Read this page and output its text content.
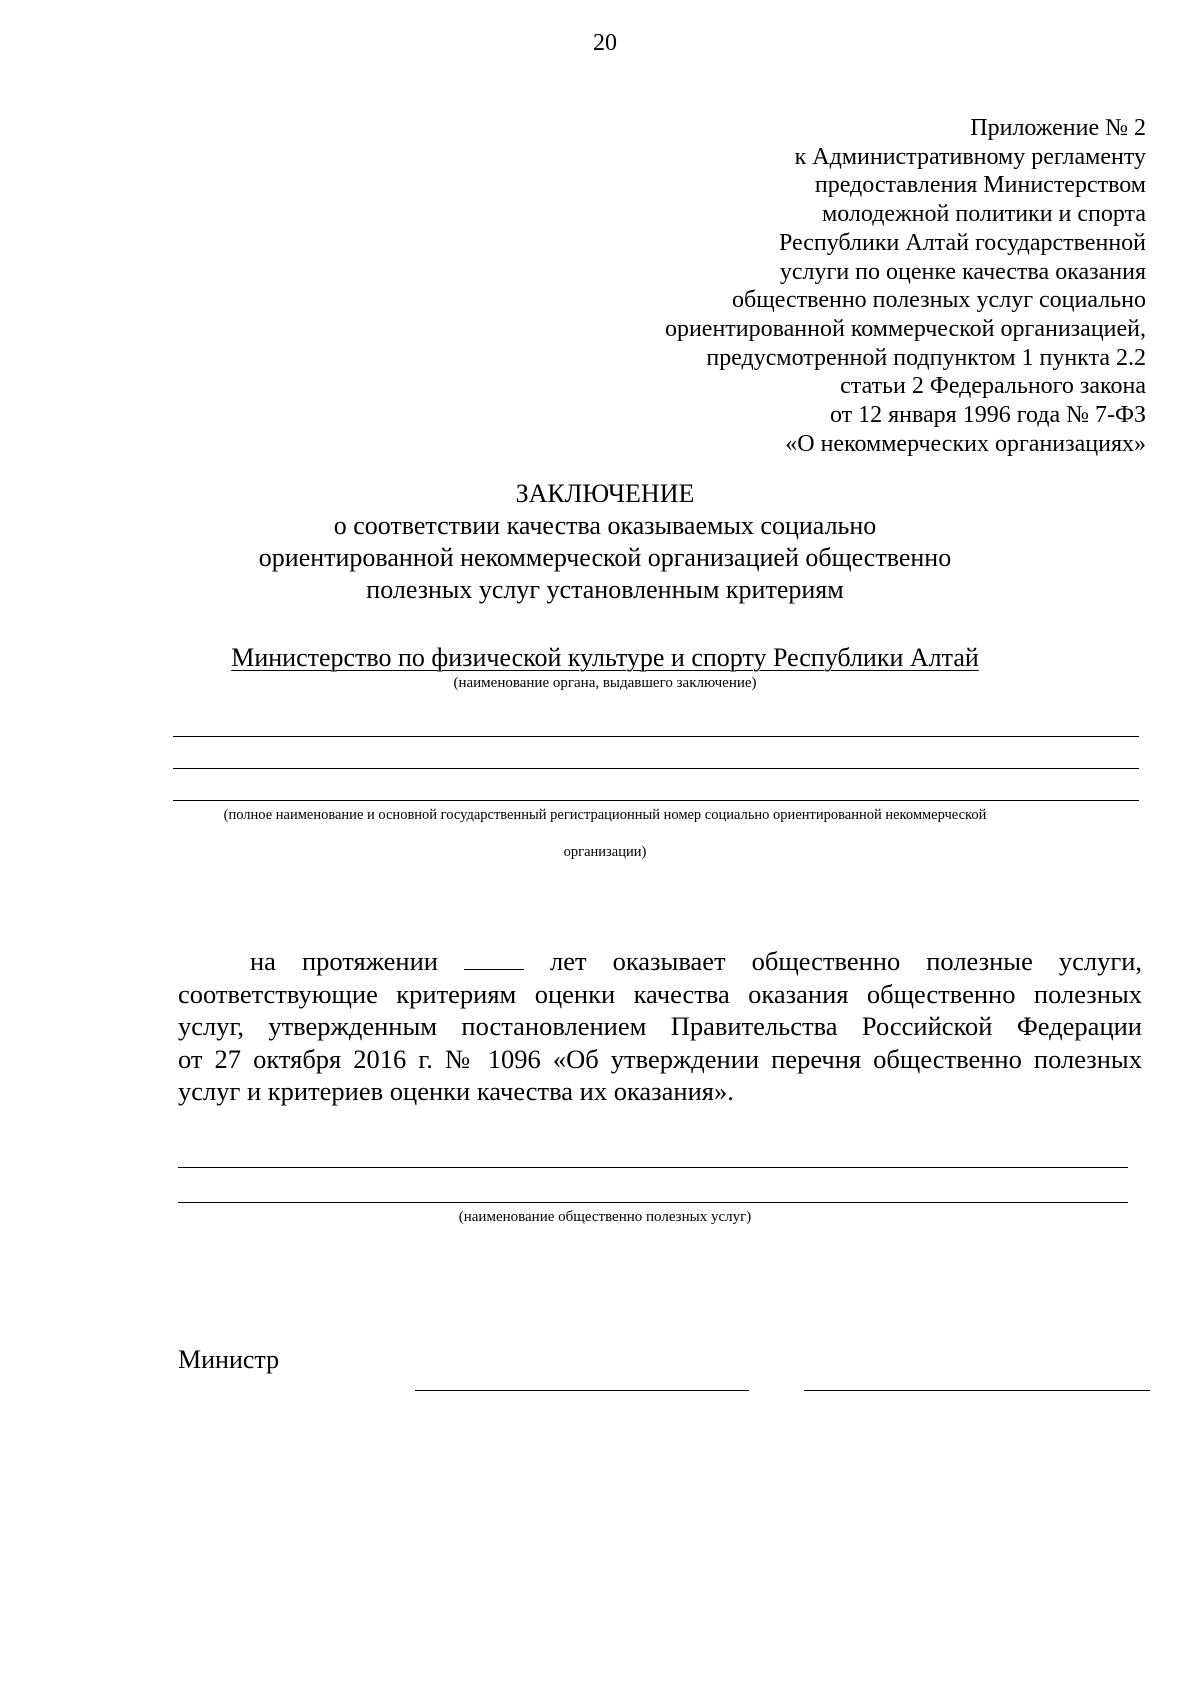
20
Приложение № 2
к Административному регламенту
предоставления Министерством
молодежной политики и спорта
Республики Алтай государственной
услуги по оценке качества оказания
общественно полезных услуг социально
ориентированной коммерческой организацией,
предусмотренной подпунктом 1 пункта 2.2
статьи 2 Федерального закона
от 12 января 1996 года № 7-ФЗ
«О некоммерческих организациях»
ЗАКЛЮЧЕНИЕ
о соответствии качества оказываемых социально
ориентированной некоммерческой организацией общественно
полезных услуг установленным критериям
Министерство по физической культуре и спорту Республики Алтай
(наименование органа, выдавшего заключение)
(полное наименование и основной государственный регистрационный номер социально ориентированной некоммерческой
организации)
на протяжении	лет оказывает общественно полезные услуги,
соответствующие критериям оценки качества оказания общественно полезных
услуг, утвержденным постановлением Правительства Российской Федерации
от 27 октября 2016 г. № 1096 «Об утверждении перечня общественно полезных
услуг и критериев оценки качества их оказания».
(наименование общественно полезных услуг)
Министр
